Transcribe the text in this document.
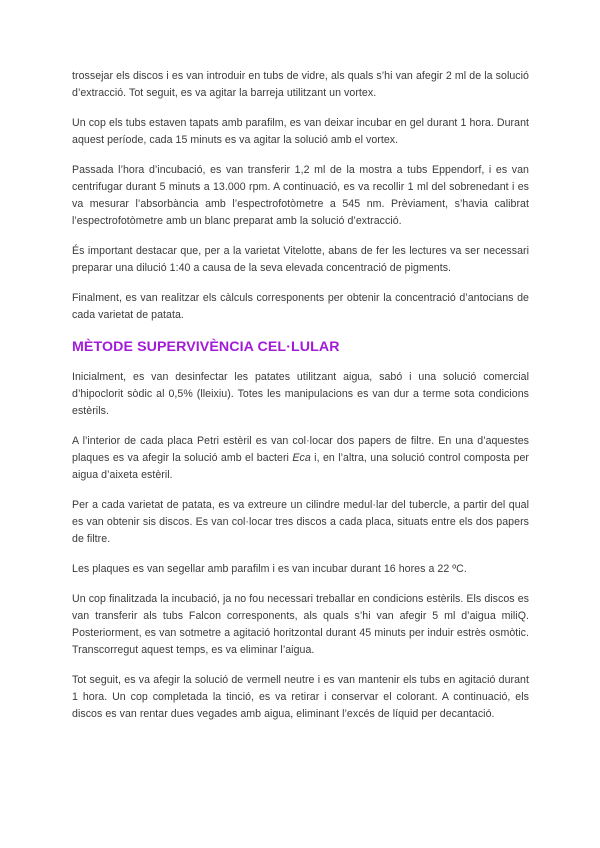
trossejar els discos i es van introduir en tubs de vidre, als quals s’hi van afegir 2 ml de la solució d’extracció. Tot seguit, es va agitar la barreja utilitzant un vortex.

Un cop els tubs estaven tapats amb parafilm, es van deixar incubar en gel durant 1 hora. Durant aquest període, cada 15 minuts es va agitar la solució amb el vortex.

Passada l’hora d’incubació, es van transferir 1,2 ml de la mostra a tubs Eppendorf, i es van centrifugar durant 5 minuts a 13.000 rpm. A continuació, es va recollir 1 ml del sobrenedant i es va mesurar l’absorbància amb l’espectrofotòmetre a 545 nm. Prèviament, s’havia calibrat l’espectrofotòmetre amb un blanc preparat amb la solució d’extracció.

És important destacar que, per a la varietat Vitelotte, abans de fer les lectures va ser necessari preparar una dilució 1:40 a causa de la seva elevada concentració de pigments.

Finalment, es van realitzar els càlculs corresponents per obtenir la concentració d’antocians de cada varietat de patata.

MÈTODE SUPERVIVÈNCIA CEL·LULAR

Inicialment, es van desinfectar les patates utilitzant aigua, sabó i una solució comercial d’hipoclorit sòdic al 0,5% (lleixiu). Totes les manipulacions es van dur a terme sota condicions estèrils.

A l’interior de cada placa Petri estèril es van col·locar dos papers de filtre. En una d’aquestes plaques es va afegir la solució amb el bacteri Eca i, en l’altra, una solució control composta per aigua d’aixeta estèril.

Per a cada varietat de patata, es va extreure un cilindre medul·lar del tubercle, a partir del qual es van obtenir sis discos. Es van col·locar tres discos a cada placa, situats entre els dos papers de filtre.

Les plaques es van segellar amb parafilm i es van incubar durant 16 hores a 22 ºC.

Un cop finalitzada la incubació, ja no fou necessari treballar en condicions estèrils. Els discos es van transferir als tubs Falcon corresponents, als quals s’hi van afegir 5 ml d’aigua miliQ. Posteriorment, es van sotmetre a agitació horitzontal durant 45 minuts per induir estrès osmòtic. Transcorregut aquest temps, es va eliminar l’aigua.

Tot seguit, es va afegir la solució de vermell neutre i es van mantenir els tubs en agitació durant 1 hora. Un cop completada la tinció, es va retirar i conservar el colorant. A continuació, els discos es van rentar dues vegades amb aigua, eliminant l’excés de líquid per decantació.
